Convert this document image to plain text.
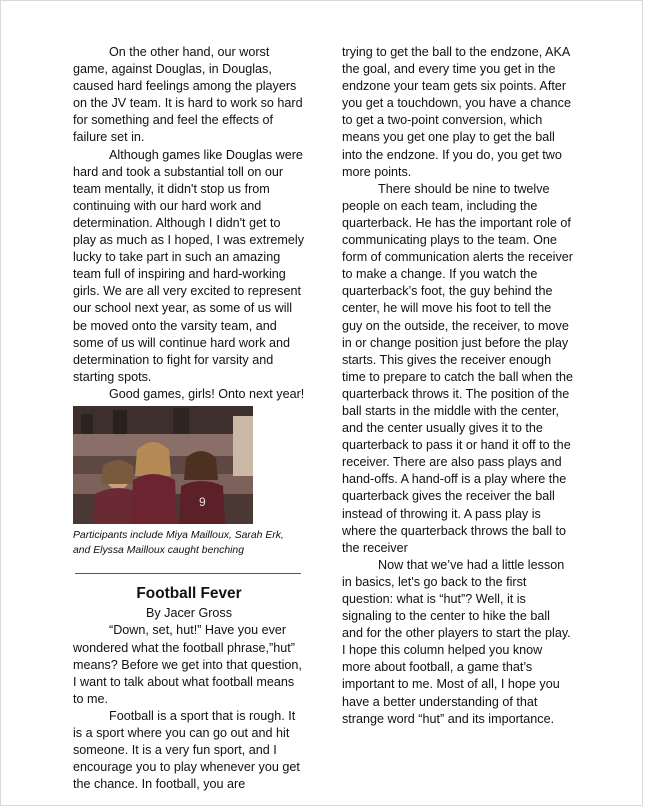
On the other hand, our worst game, against Douglas, in Douglas, caused hard feelings among the players on the JV team. It is hard to work so hard for something and feel the effects of failure set in.

Although games like Douglas were hard and took a substantial toll on our team mentally, it didn't stop us from continuing with our hard work and determination. Although I didn't get to play as much as I hoped, I was extremely lucky to take part in such an amazing team full of inspiring and hard-working girls. We are all very excited to represent our school next year, as some of us will be moved onto the varsity team, and some of us will continue hard work and determination to fight for varsity and starting spots.

Good games, girls! Onto next year!

9
Participants include Miya Mailloux, Sarah Erk, and Elyssa Mailloux caught benching
Football Fever
By Jacer Gross

“Down, set, hut!” Have you ever wondered what the football phrase,”hut” means? Before we get into that question, I want to talk about what football means to me.

Football is a sport that is rough. It is a sport where you can go out and hit someone. It is a very fun sport, and I encourage you to play whenever you get the chance. In football, you are

trying to get the ball to the endzone, AKA the goal, and every time you get in the endzone your team gets six points. After you get a touchdown, you have a chance to get a two-point conversion, which means you get one play to get the ball into the endzone. If you do, you get two more points.

There should be nine to twelve people on each team, including the quarterback. He has the important role of communicating plays to the team. One form of communication alerts the receiver to make a change. If you watch the quarterback’s foot, the guy behind the center, he will move his foot to tell the guy on the outside, the receiver, to move in or change position just before the play starts. This gives the receiver enough time to prepare to catch the ball when the quarterback throws it. The position of the ball starts in the middle with the center, and the center usually gives it to the quarterback to pass it or hand it off to the receiver. There are also pass plays and hand-offs. A hand-off is a play where the quarterback gives the receiver the ball instead of throwing it. A pass play is where the quarterback throws the ball to the receiver

Now that we’ve had a little lesson in basics, let's go back to the first question: what is “hut”? Well, it is signaling to the center to hike the ball and for the other players to start the play. I hope this column helped you know more about football, a game that’s important to me. Most of all, I hope you have a better understanding of that strange word “hut” and its importance.
